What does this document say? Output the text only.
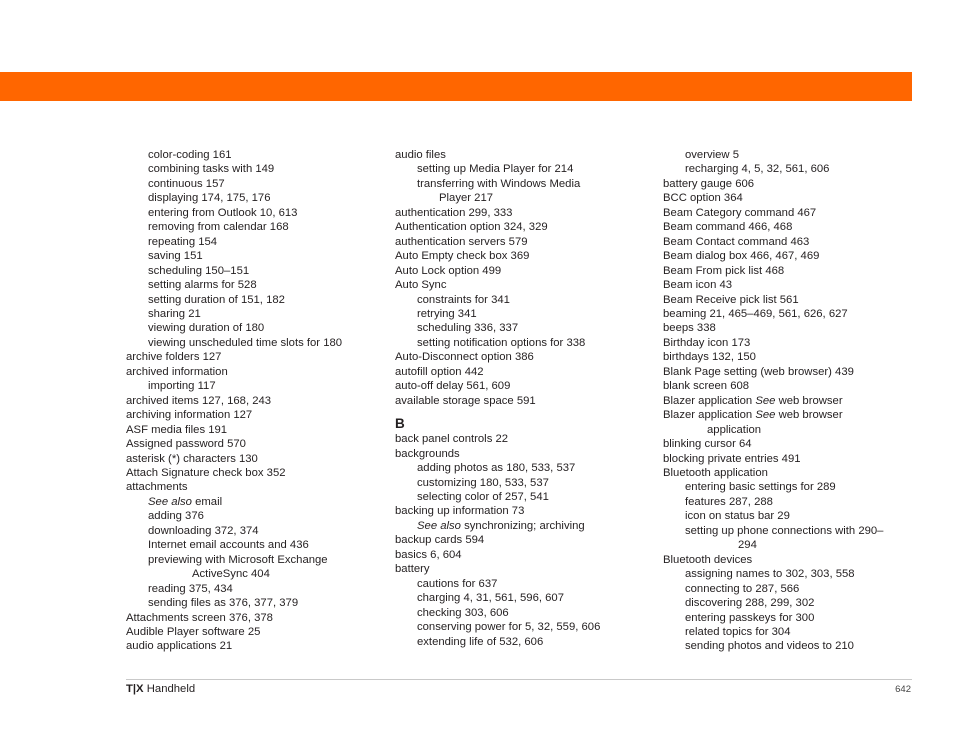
color-coding 161
combining tasks with 149
continuous 157
displaying 174, 175, 176
entering from Outlook 10, 613
removing from calendar 168
repeating 154
saving 151
scheduling 150–151
setting alarms for 528
setting duration of 151, 182
sharing 21
viewing duration of 180
viewing unscheduled time slots for 180
archive folders 127
archived information
importing 117
archived items 127, 168, 243
archiving information 127
ASF media files 191
Assigned password 570
asterisk (*) characters 130
Attach Signature check box 352
attachments
See also email
adding 376
downloading 372, 374
Internet email accounts and 436
previewing with Microsoft Exchange
ActiveSync 404
reading 375, 434
sending files as 376, 377, 379
Attachments screen 376, 378
Audible Player software 25
audio applications 21
audio files
setting up Media Player for 214
transferring with Windows Media
Player 217
authentication 299, 333
Authentication option 324, 329
authentication servers 579
Auto Empty check box 369
Auto Lock option 499
Auto Sync
constraints for 341
retrying 341
scheduling 336, 337
setting notification options for 338
Auto-Disconnect option 386
autofill option 442
auto-off delay 561, 609
available storage space 591
B
back panel controls 22
backgrounds
adding photos as 180, 533, 537
customizing 180, 533, 537
selecting color of 257, 541
backing up information 73
See also synchronizing; archiving
backup cards 594
basics 6, 604
battery
cautions for 637
charging 4, 31, 561, 596, 607
checking 303, 606
conserving power for 5, 32, 559, 606
extending life of 532, 606
overview 5
recharging 4, 5, 32, 561, 606
battery gauge 606
BCC option 364
Beam Category command 467
Beam command 466, 468
Beam Contact command 463
Beam dialog box 466, 467, 469
Beam From pick list 468
Beam icon 43
Beam Receive pick list 561
beaming 21, 465–469, 561, 626, 627
beeps 338
Birthday icon 173
birthdays 132, 150
Blank Page setting (web browser) 439
blank screen 608
Blazer application See web browser
Blazer application See web browser
application
blinking cursor 64
blocking private entries 491
Bluetooth application
entering basic settings for 289
features 287, 288
icon on status bar 29
setting up phone connections with 290–
294
Bluetooth devices
assigning names to 302, 303, 558
connecting to 287, 566
discovering 288, 299, 302
entering passkeys for 300
related topics for 304
sending photos and videos to 210
T|X Handheld	642
